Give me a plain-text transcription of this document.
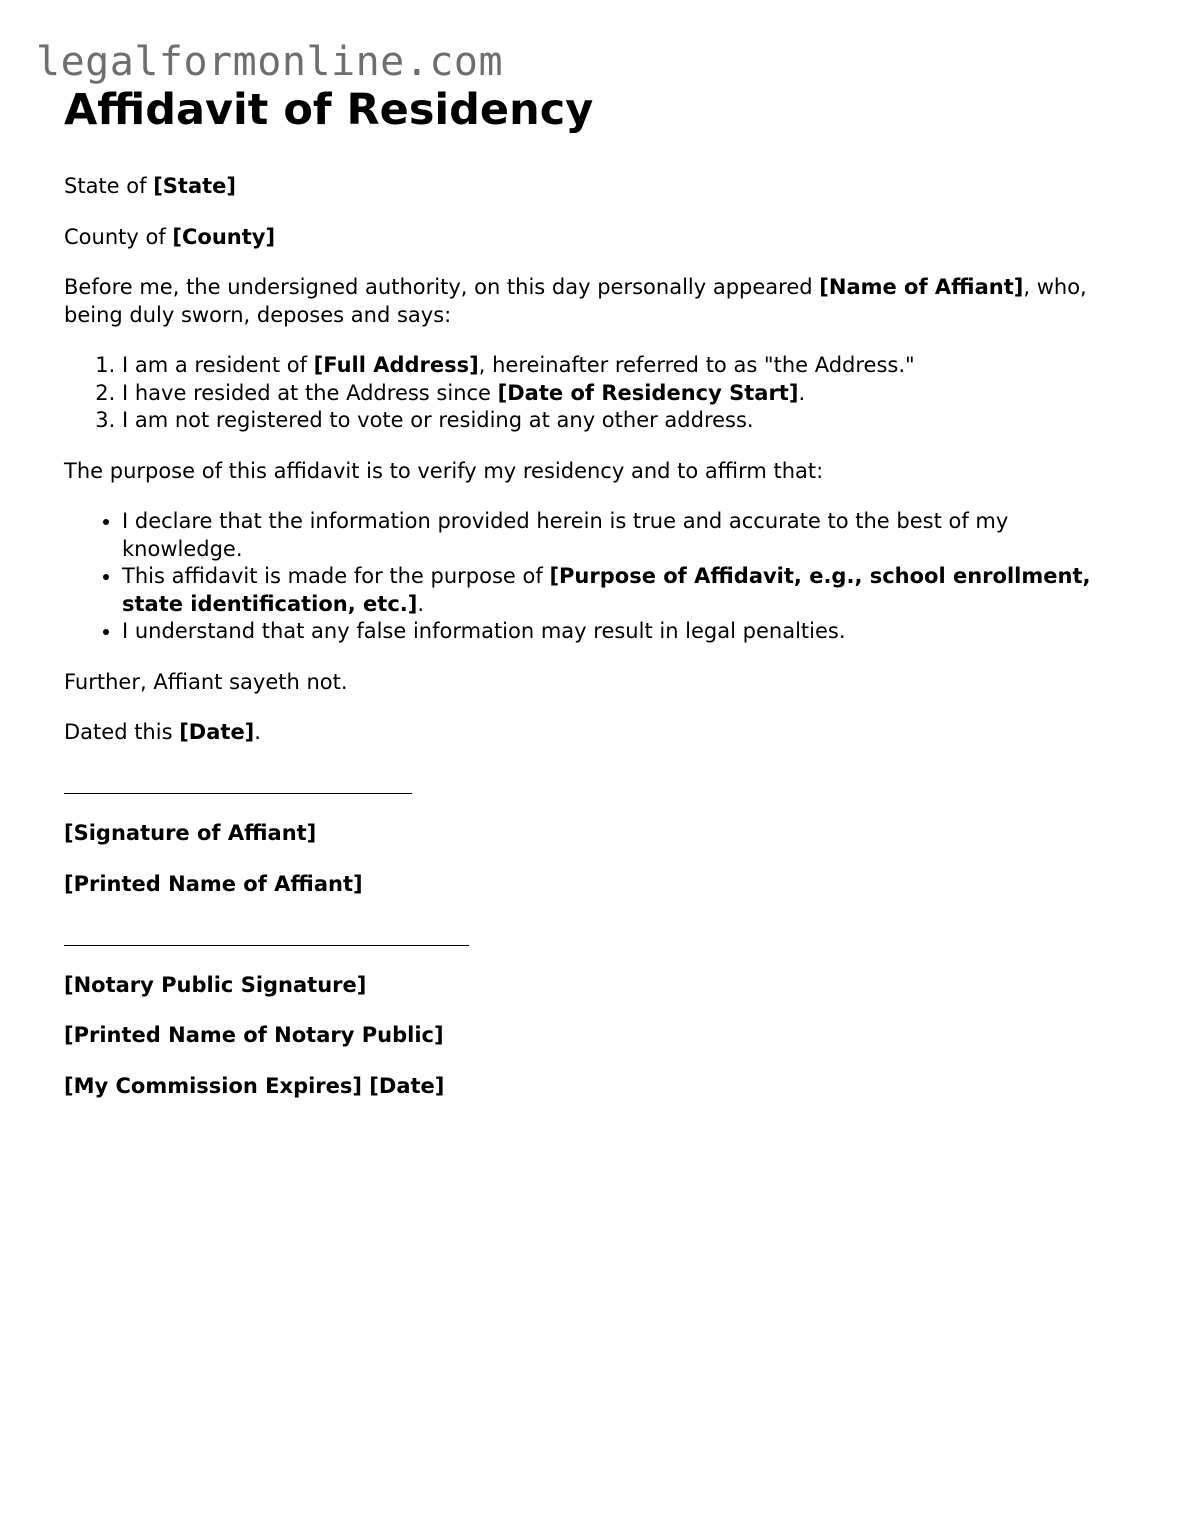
legalformonline.com
Affidavit of Residency

State of [State]

County of [County]

Before me, the undersigned authority, on this day personally appeared [Name of Affiant], who, being duly sworn, deposes and says:

1. I am a resident of [Full Address], hereinafter referred to as "the Address."
2. I have resided at the Address since [Date of Residency Start].
3. I am not registered to vote or residing at any other address.

The purpose of this affidavit is to verify my residency and to affirm that:

• I declare that the information provided herein is true and accurate to the best of my knowledge.
• This affidavit is made for the purpose of [Purpose of Affidavit, e.g., school enrollment, state identification, etc.].
• I understand that any false information may result in legal penalties.

Further, Affiant sayeth not.

Dated this [Date].

[Signature of Affiant]

[Printed Name of Affiant]

[Notary Public Signature]

[Printed Name of Notary Public]

[My Commission Expires] [Date]
